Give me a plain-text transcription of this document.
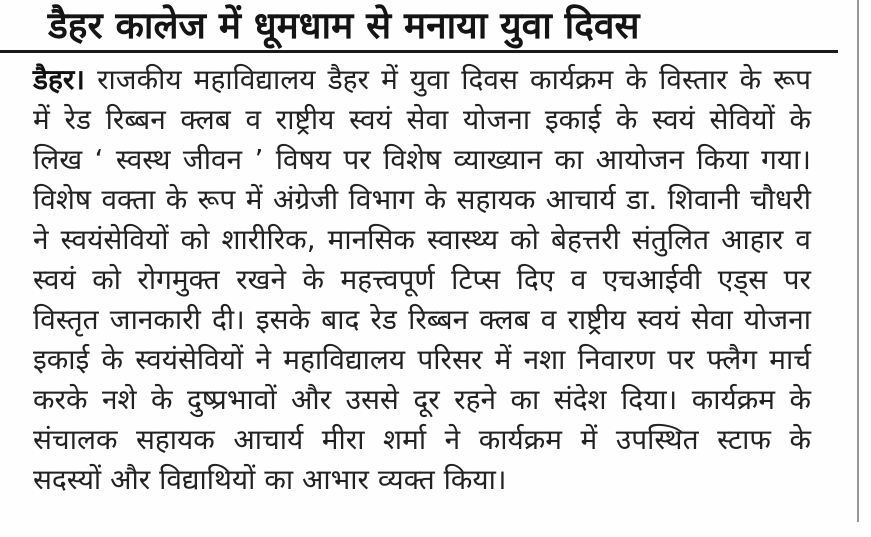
डैहर कालेज में धूमधाम से मनाया युवा दिवस
डैहर। राजकीय महाविद्यालय डैहर में युवा दिवस कार्यक्रम के विस्तार के रूप
में रेड रिब्बन क्लब व राष्ट्रीय स्वयं सेवा योजना इकाई के स्वयं सेवियों के
लिख ‘ स्वस्थ जीवन ’ विषय पर विशेष व्याख्यान का आयोजन किया गया।
विशेष वक्ता के रूप में अंग्रेजी विभाग के सहायक आचार्य डा. शिवानी चौधरी
ने स्वयंसेवियों को शारीरिक, मानसिक स्वास्थ्य को बेहत्तरी संतुलित आहार व
स्वयं को रोगमुक्त रखने के महत्त्वपूर्ण टिप्स दिए व एचआईवी एड्स पर
विस्तृत जानकारी दी। इसके बाद रेड रिब्बन क्लब व राष्ट्रीय स्वयं सेवा योजना
इकाई के स्वयंसेवियों ने महाविद्यालय परिसर में नशा निवारण पर फ्लैग मार्च
करके नशे के दुष्प्रभावों और उससे दूर रहने का संदेश दिया। कार्यक्रम के
संचालक सहायक आचार्य मीरा शर्मा ने कार्यक्रम में उपस्थित स्टाफ के
सदस्यों और विद्याथियों का आभार व्यक्त किया।
